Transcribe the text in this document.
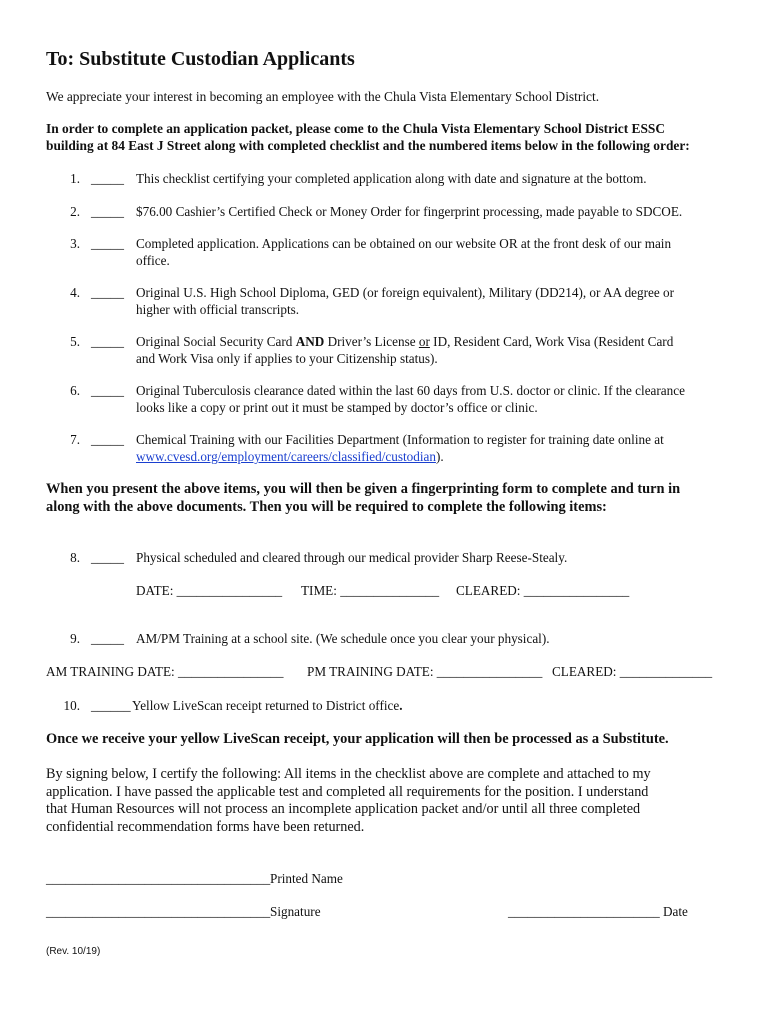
To: Substitute Custodian Applicants

We appreciate your interest in becoming an employee with the Chula Vista Elementary School District.

In order to complete an application packet, please come to the Chula Vista Elementary School District ESSC

building at 84 East J Street along with completed checklist and the numbered items below in the following order:

1. _____ This checklist certifying your completed application along with date and signature at the bottom.
2. _____ $76.00 Cashier’s Certified Check or Money Order for fingerprint processing, made payable to SDCOE.
3. _____ Completed application. Applications can be obtained on our website OR at the front desk of our main
office.
4. _____ Original U.S. High School Diploma, GED (or foreign equivalent), Military (DD214), or AA degree or
higher with official transcripts.
5. _____ Original Social Security Card AND Driver’s License or ID, Resident Card, Work Visa (Resident Card
and Work Visa only if applies to your Citizenship status).
6. _____ Original Tuberculosis clearance dated within the last 60 days from U.S. doctor or clinic. If the clearance
looks like a copy or print out it must be stamped by doctor’s office or clinic.
7. _____ Chemical Training with our Facilities Department (Information to register for training date online at
www.cvesd.org/employment/careers/classified/custodian).

When you present the above items, you will then be given a fingerprinting form to complete and turn in

along with the above documents. Then you will be required to complete the following items:

8. _____ Physical scheduled and cleared through our medical provider Sharp Reese-Stealy.
DATE: ________________ TIME: _______________ CLEARED: ________________
9. _____ AM/PM Training at a school site. (We schedule once you clear your physical).
AM TRAINING DATE: ________________ PM TRAINING DATE: ________________ CLEARED: ______________
10. ______ Yellow LiveScan receipt returned to District office.

Once we receive your yellow LiveScan receipt, your application will then be processed as a Substitute.

By signing below, I certify the following: All items in the checklist above are complete and attached to my
application. I have passed the applicable test and completed all requirements for the position. I understand
that Human Resources will not process an incomplete application packet and/or until all three completed
confidential recommendation forms have been returned.

__________________________________ Printed Name
__________________________________ Signature	_______________________ Date
(Rev. 10/19)
